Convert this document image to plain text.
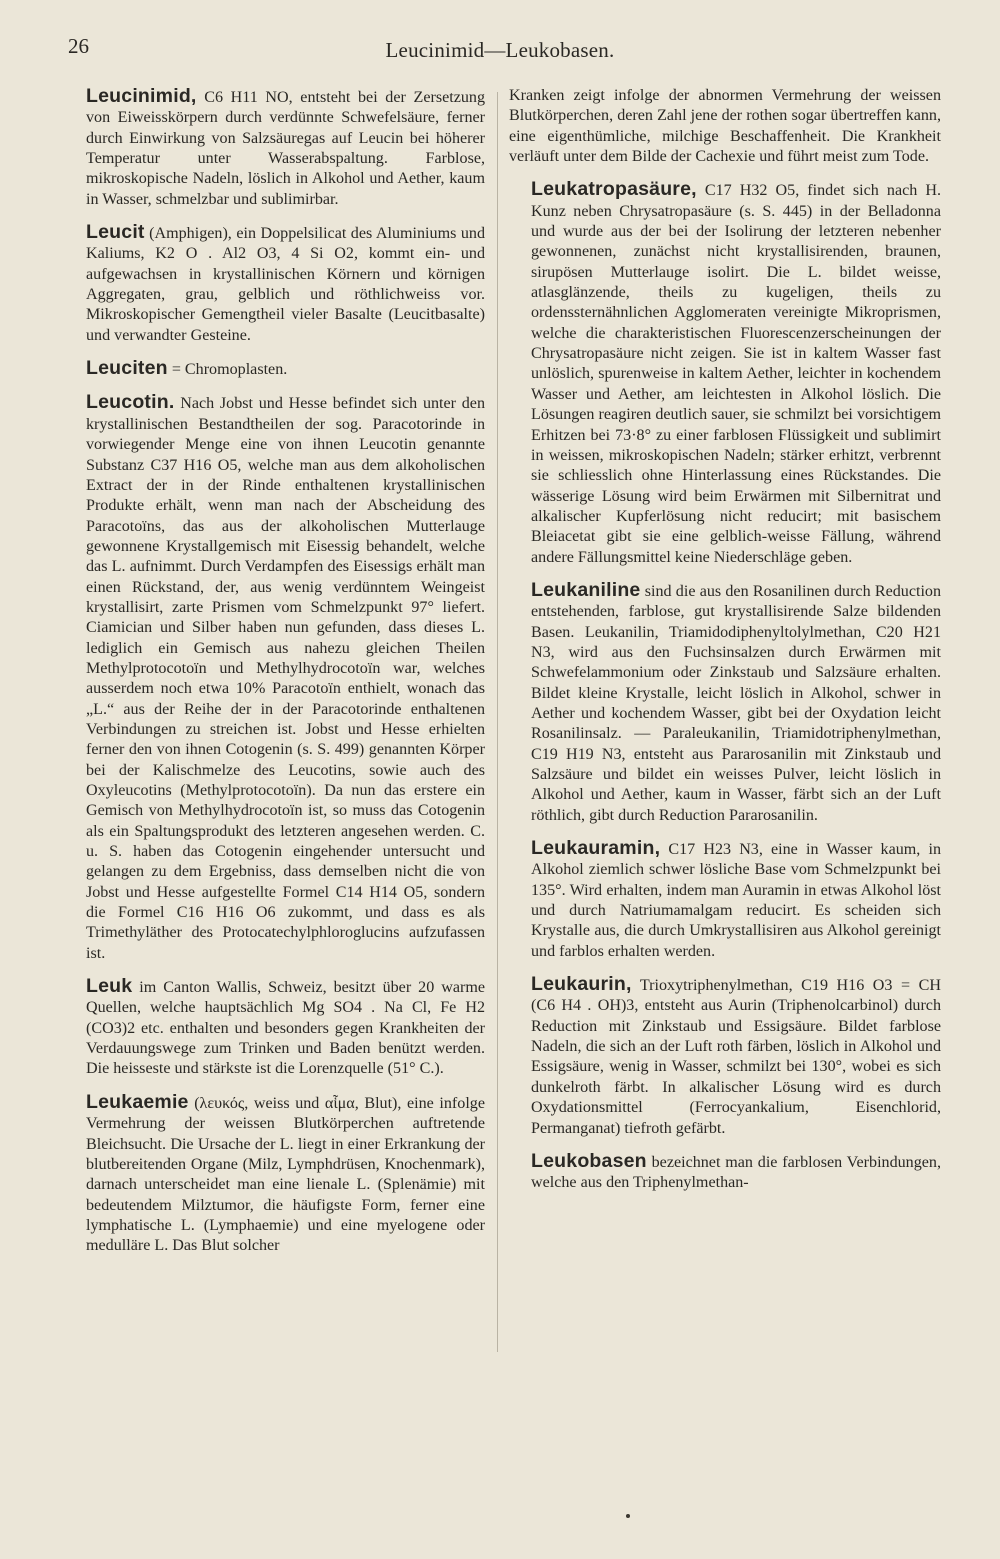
26	Leucinimid—Leukobasen.

Leucinimid, C6 H11 NO, entsteht bei der Zersetzung von Eiweisskörpern durch verdünnte Schwefelsäure, ferner durch Einwirkung von Salzsäuregas auf Leucin bei höherer Temperatur unter Wasserabspaltung. Farblose, mikroskopische Nadeln, löslich in Alkohol und Aether, kaum in Wasser, schmelzbar und sublimirbar.

Leucit (Amphigen), ein Doppelsilicat des Aluminiums und Kaliums, K2 O . Al2 O3, 4 Si O2, kommt ein- und aufgewachsen in krystallinischen Körnern und körnigen Aggregaten, grau, gelblich und röthlichweiss vor. Mikroskopischer Gemengtheil vieler Basalte (Leucitbasalte) und verwandter Gesteine.

Leuciten = Chromoplasten.

Leucotin. Nach Jobst und Hesse befindet sich unter den krystallinischen Bestandtheilen der sog. Paracotorinde in vorwiegender Menge eine von ihnen Leucotin genannte Substanz C37 H16 O5, welche man aus dem alkoholischen Extract der in der Rinde enthaltenen krystallinischen Produkte erhält, wenn man nach der Abscheidung des Paracotoïns, das aus der alkoholischen Mutterlauge gewonnene Krystallgemisch mit Eisessig behandelt, welche das L. aufnimmt. Durch Verdampfen des Eisessigs erhält man einen Rückstand, der, aus wenig verdünntem Weingeist krystallisirt, zarte Prismen vom Schmelzpunkt 97° liefert. Ciamician und Silber haben nun gefunden, dass dieses L. lediglich ein Gemisch aus nahezu gleichen Theilen Methylprotocotoïn und Methylhydrocotoïn war, welches ausserdem noch etwa 10% Paracotoïn enthielt, wonach das „L.“ aus der Reihe der in der Paracotorinde enthaltenen Verbindungen zu streichen ist. Jobst und Hesse erhielten ferner den von ihnen Cotogenin (s. S. 499) genannten Körper bei der Kalischmelze des Leucotins, sowie auch des Oxyleucotins (Methylprotocotoïn). Da nun das erstere ein Gemisch von Methylhydrocotoïn ist, so muss das Cotogenin als ein Spaltungsprodukt des letzteren angesehen werden. C. u. S. haben das Cotogenin eingehender untersucht und gelangen zu dem Ergebniss, dass demselben nicht die von Jobst und Hesse aufgestellte Formel C14 H14 O5, sondern die Formel C16 H16 O6 zukommt, und dass es als Trimethyläther des Protocatechylphloroglucins aufzufassen ist.

Leuk im Canton Wallis, Schweiz, besitzt über 20 warme Quellen, welche hauptsächlich Mg SO4 . Na Cl, Fe H2 (CO3)2 etc. enthalten und besonders gegen Krankheiten der Verdauungswege zum Trinken und Baden benützt werden. Die heisseste und stärkste ist die Lorenzquelle (51° C.).

Leukaemie (λευκός, weiss und αἷμα, Blut), eine infolge Vermehrung der weissen Blutkörperchen auftretende Bleichsucht. Die Ursache der L. liegt in einer Erkrankung der blutbereitenden Organe (Milz, Lymphdrüsen, Knochenmark), darnach unterscheidet man eine lienale L. (Splenämie) mit bedeutendem Milztumor, die häufigste Form, ferner eine lymphatische L. (Lymphaemie) und eine myelogene oder medulläre L. Das Blut solcher

Kranken zeigt infolge der abnormen Vermehrung der weissen Blutkörperchen, deren Zahl jene der rothen sogar übertreffen kann, eine eigenthümliche, milchige Beschaffenheit. Die Krankheit verläuft unter dem Bilde der Cachexie und führt meist zum Tode.

Leukatropasäure, C17 H32 O5, findet sich nach H. Kunz neben Chrysatropasäure (s. S. 445) in der Belladonna und wurde aus der bei der Isolirung der letzteren nebenher gewonnenen, zunächst nicht krystallisirenden, braunen, sirupösen Mutterlauge isolirt. Die L. bildet weisse, atlasglänzende, theils zu kugeligen, theils zu ordenssternähnlichen Agglomeraten vereinigte Mikroprismen, welche die charakteristischen Fluorescenzerscheinungen der Chrysatropasäure nicht zeigen. Sie ist in kaltem Wasser fast unlöslich, spurenweise in kaltem Aether, leichter in kochendem Wasser und Aether, am leichtesten in Alkohol löslich. Die Lösungen reagiren deutlich sauer, sie schmilzt bei vorsichtigem Erhitzen bei 73·8° zu einer farblosen Flüssigkeit und sublimirt in weissen, mikroskopischen Nadeln; stärker erhitzt, verbrennt sie schliesslich ohne Hinterlassung eines Rückstandes. Die wässerige Lösung wird beim Erwärmen mit Silbernitrat und alkalischer Kupferlösung nicht reducirt; mit basischem Bleiacetat gibt sie eine gelblich-weisse Fällung, während andere Fällungsmittel keine Niederschläge geben.

Leukaniline sind die aus den Rosanilinen durch Reduction entstehenden, farblose, gut krystallisirende Salze bildenden Basen. Leukanilin, Triamidodiphenyltolylmethan, C20 H21 N3, wird aus den Fuchsinsalzen durch Erwärmen mit Schwefelammonium oder Zinkstaub und Salzsäure erhalten. Bildet kleine Krystalle, leicht löslich in Alkohol, schwer in Aether und kochendem Wasser, gibt bei der Oxydation leicht Rosanilinsalz. — Paraleukanilin, Triamidotriphenylmethan, C19 H19 N3, entsteht aus Pararosanilin mit Zinkstaub und Salzsäure und bildet ein weisses Pulver, leicht löslich in Alkohol und Aether, kaum in Wasser, färbt sich an der Luft röthlich, gibt durch Reduction Pararosanilin.

Leukauramin, C17 H23 N3, eine in Wasser kaum, in Alkohol ziemlich schwer lösliche Base vom Schmelzpunkt bei 135°. Wird erhalten, indem man Auramin in etwas Alkohol löst und durch Natriumamalgam reducirt. Es scheiden sich Krystalle aus, die durch Umkrystallisiren aus Alkohol gereinigt und farblos erhalten werden.

Leukaurin, Trioxytriphenylmethan, C19 H16 O3 = CH (C6 H4 . OH)3, entsteht aus Aurin (Triphenolcarbinol) durch Reduction mit Zinkstaub und Essigsäure. Bildet farblose Nadeln, die sich an der Luft roth färben, löslich in Alkohol und Essigsäure, wenig in Wasser, schmilzt bei 130°, wobei es sich dunkelroth färbt. In alkalischer Lösung wird es durch Oxydationsmittel (Ferrocyankalium, Eisenchlorid, Permanganat) tiefroth gefärbt.

Leukobasen bezeichnet man die farblosen Verbindungen, welche aus den Triphenylmethan-
